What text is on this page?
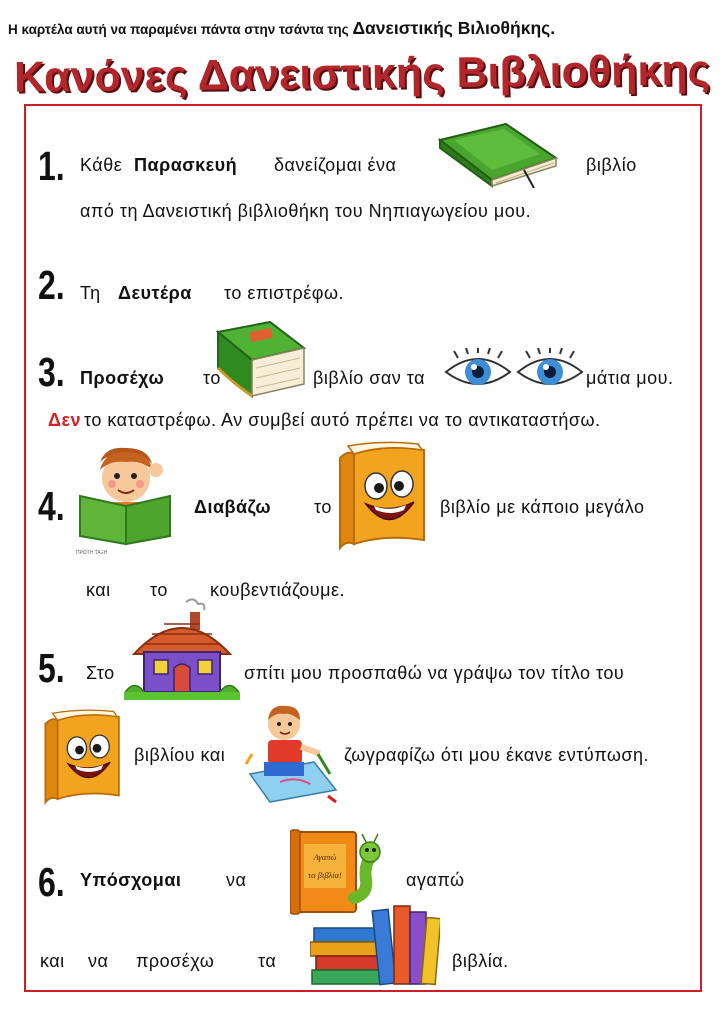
Η καρτέλα αυτή να παραμένει πάντα στην τσάντα της Δανειστικής Βιλιοθήκης.
Κανόνες Δανειστικής Βιβλιοθήκης
1. Κάθε Παρασκευή δανείζομαι ένα	βιβλίο
από τη Δανειστική βιβλιοθήκη του Νηπιαγωγείου μου.
2. Τη Δευτέρα το επιστρέφω.
3. Προσέχω το	βιβλίο σαν τα	μάτια μου.
Δεν το καταστρέφω. Αν συμβεί αυτό πρέπει να το αντικαταστήσω.
4.
ΠΡΩΤΗ ΤΑΞΗ
Διαβάζω το	βιβλίο με κάποιο μεγάλο
και το κουβεντιάζουμε.
5. Στο	σπίτι μου προσπαθώ να γράψω τον τίτλο του
βιβλίου και	ζωγραφίζω ότι μου έκανε εντύπωση.
6. Υπόσχομαι να
Αγαπώ
τα βιβλία!	αγαπώ
και να προσέχω τα	βιβλία.
